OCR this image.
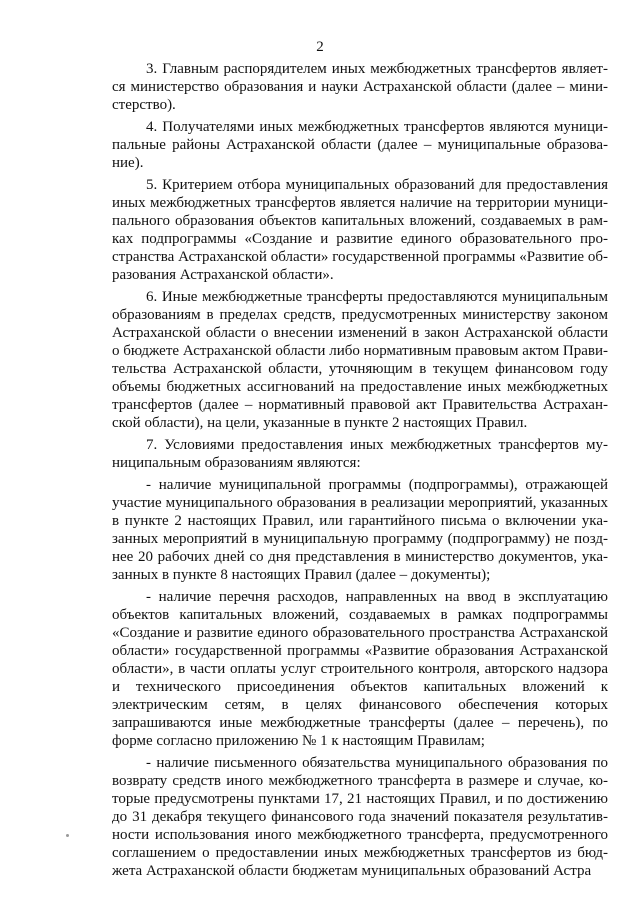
2

3. Главным распорядителем иных межбюджетных трансфертов является министерство образования и науки Астраханской области (далее – министерство).

4. Получателями иных межбюджетных трансфертов являются муниципальные районы Астраханской области (далее – муниципальные образование).

5. Критерием отбора муниципальных образований для предоставления иных межбюджетных трансфертов является наличие на территории муниципального образования объектов капитальных вложений, создаваемых в рамках подпрограммы «Создание и развитие единого образовательного пространства Астраханской области» государственной программы «Развитие образования Астраханской области».

6. Иные межбюджетные трансферты предоставляются муниципальным образованиям в пределах средств, предусмотренных министерству законом Астраханской области о внесении изменений в закон Астраханской области о бюджете Астраханской области либо нормативным правовым актом Правительства Астраханской области, уточняющим в текущем финансовом году объемы бюджетных ассигнований на предоставление иных межбюджетных трансфертов (далее – нормативный правовой акт Правительства Астраханской области), на цели, указанные в пункте 2 настоящих Правил.

7. Условиями предоставления иных межбюджетных трансфертов муниципальным образованиям являются:

- наличие муниципальной программы (подпрограммы), отражающей участие муниципального образования в реализации мероприятий, указанных в пункте 2 настоящих Правил, или гарантийного письма о включении указанных мероприятий в муниципальную программу (подпрограмму) не позднее 20 рабочих дней со дня представления в министерство документов, указанных в пункте 8 настоящих Правил (далее – документы);

- наличие перечня расходов, направленных на ввод в эксплуатацию объектов капитальных вложений, создаваемых в рамках подпрограммы «Создание и развитие единого образовательного пространства Астраханской области» государственной программы «Развитие образования Астраханской области», в части оплаты услуг строительного контроля, авторского надзора и технического присоединения объектов капитальных вложений к электрическим сетям, в целях финансового обеспечения которых запрашиваются иные межбюджетные трансферты (далее – перечень), по форме согласно приложению № 1 к настоящим Правилам;

- наличие письменного обязательства муниципального образования по возврату средств иного межбюджетного трансферта в размере и случае, которые предусмотрены пунктами 17, 21 настоящих Правил, и по достижению до 31 декабря текущего финансового года значений показателя результативности использования иного межбюджетного трансферта, предусмотренного соглашением о предоставлении иных межбюджетных трансфертов из бюджета Астраханской области бюджетам муниципальных образований Астра
